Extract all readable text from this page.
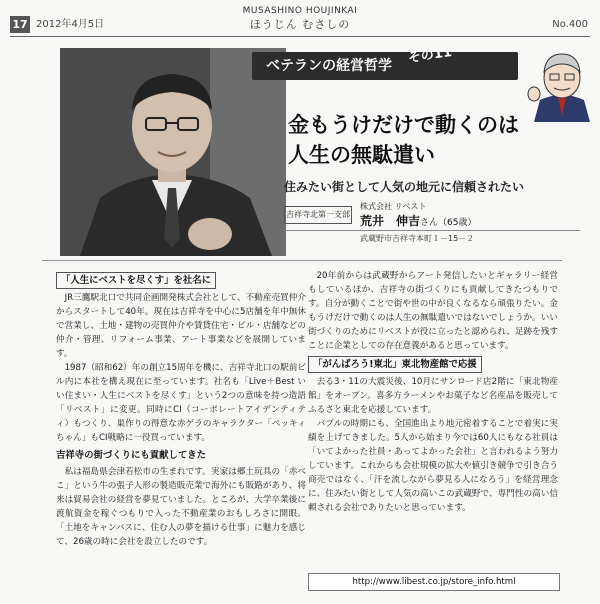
17 2012年4月5日
MUSASHINO HOUJINKAI
ほうじん むさしの	No.400
ベテランの経営哲学 その11
金もうけだけで動くのは
人生の無駄遣い
住みたい街として人気の地元に信頼されたい
吉祥寺北第一支部
株式会社 リベスト
荒井　伸吉さん（65歳）
武蔵野市吉祥寺本町１－15－２
「人生にベストを尽くす」を社名に

JR三鷹駅北口で共同企画開発株式会社として、不動産売買仲介からスタートして40年。現在は吉祥寺を中心に5店舗を年中無休で営業し、土地・建物の売買仲介や賃貸住宅・ビル・店舗などの仲介・管理、リフォーム事業、アート事業などを展開しています。

1987（昭和62）年の創立15周年を機に、吉祥寺北口の駅前ビル内に本社を構え現在に至っています。社名も「Live＋Best いい住まい・人生にベストを尽くす」という2つの意味を持つ造語「リベスト」に変更。同時にCI（コーポレートアイデンティティ）もつくり、巣作りの得意な赤ゲラのキャラクター「ベッキィちゃん」もCI戦略に一役買っています。

吉祥寺の街づくりにも貢献してきた

私は福島県会津若松市の生まれです。実家は郷土玩具の「赤べこ」という牛の張子人形の製造販売業で海外にも販路があり、将来は貿易会社の経営を夢見ていました。ところが、大学卒業後に渡航資金を稼ぐつもりで入った不動産業のおもしろさに開眼。「土地をキャンバスに、住む人の夢を描ける仕事」に魅力を感じて、26歳の時に会社を設立したのです。

20年前からは武蔵野からアート発信したいとギャラリー経営もしているほか、吉祥寺の街づくりにも貢献してきたつもりです。自分が動くことで街や世の中が良くなるなら頑張りたい。金もうけだけで動くのは人生の無駄遣いではないでしょうか。いい街づくりのためにリベストが役に立ったと認められ、足跡を残すことに企業としての存在意義があると思っています。

「がんばろう!東北」東北物産館で応援

去る3・11の大震災後、10月にサンロード店2階に「東北物産館」をオープン。喜多方ラーメンやお菓子など名産品を販売してふるさと東北を応援しています。

バブルの時期にも、全国進出より地元密着することで着実に実績を上げてきました。5人から始まり今では60人にもなる社員は「いてよかった社員・あってよかった会社」と言われるよう努力しています。これからも会社規模の拡大や値引き競争で引き合う商売ではなく、「汗を流しながら夢見る人になろう」を経営理念に、住みたい街として人気の高いこの武蔵野で、専門性の高い信頼される会社でありたいと思っています。

http://www.libest.co.jp/store_info.html
